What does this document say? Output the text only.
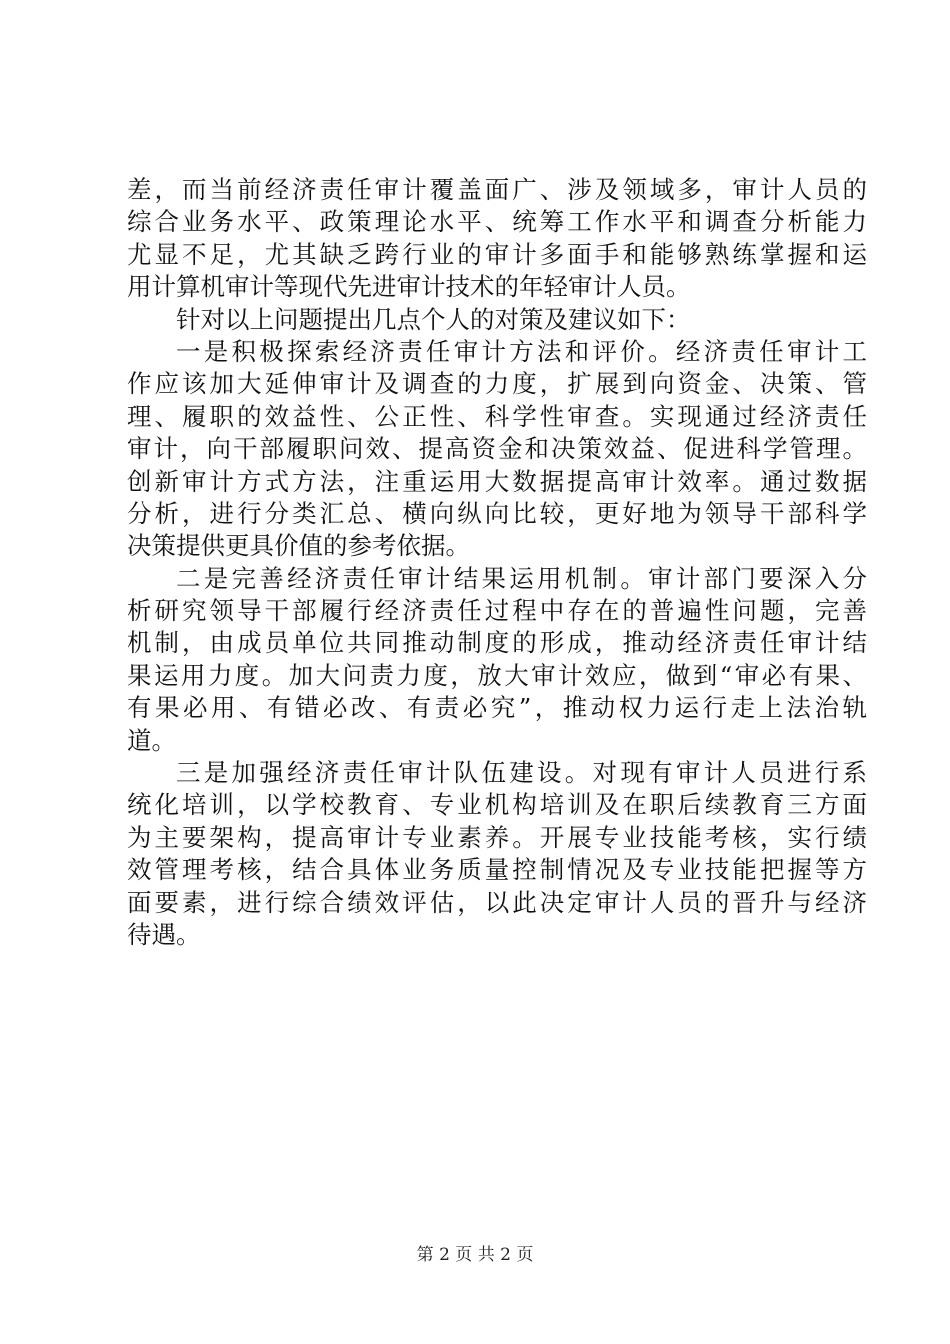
差，而当前经济责任审计覆盖面广、涉及领域多，审计人员的
综合业务水平、政策理论水平、统筹工作水平和调查分析能力
尤显不足，尤其缺乏跨行业的审计多面手和能够熟练掌握和运
用计算机审计等现代先进审计技术的年轻审计人员。
针对以上问题提出几点个人的对策及建议如下：
一是积极探索经济责任审计方法和评价。经济责任审计工
作应该加大延伸审计及调查的力度，扩展到向资金、决策、管
理、履职的效益性、公正性、科学性审查。实现通过经济责任
审计，向干部履职问效、提高资金和决策效益、促进科学管理。
创新审计方式方法，注重运用大数据提高审计效率。通过数据
分析，进行分类汇总、横向纵向比较，更好地为领导干部科学
决策提供更具价值的参考依据。
二是完善经济责任审计结果运用机制。审计部门要深入分
析研究领导干部履行经济责任过程中存在的普遍性问题，完善
机制，由成员单位共同推动制度的形成，推动经济责任审计结
果运用力度。加大问责力度，放大审计效应，做到“审必有果、
有果必用、有错必改、有责必究”，推动权力运行走上法治轨
道。
三是加强经济责任审计队伍建设。对现有审计人员进行系
统化培训，以学校教育、专业机构培训及在职后续教育三方面
为主要架构，提高审计专业素养。开展专业技能考核，实行绩
效管理考核，结合具体业务质量控制情况及专业技能把握等方
面要素，进行综合绩效评估，以此决定审计人员的晋升与经济
待遇。
第 2 页 共 2 页
